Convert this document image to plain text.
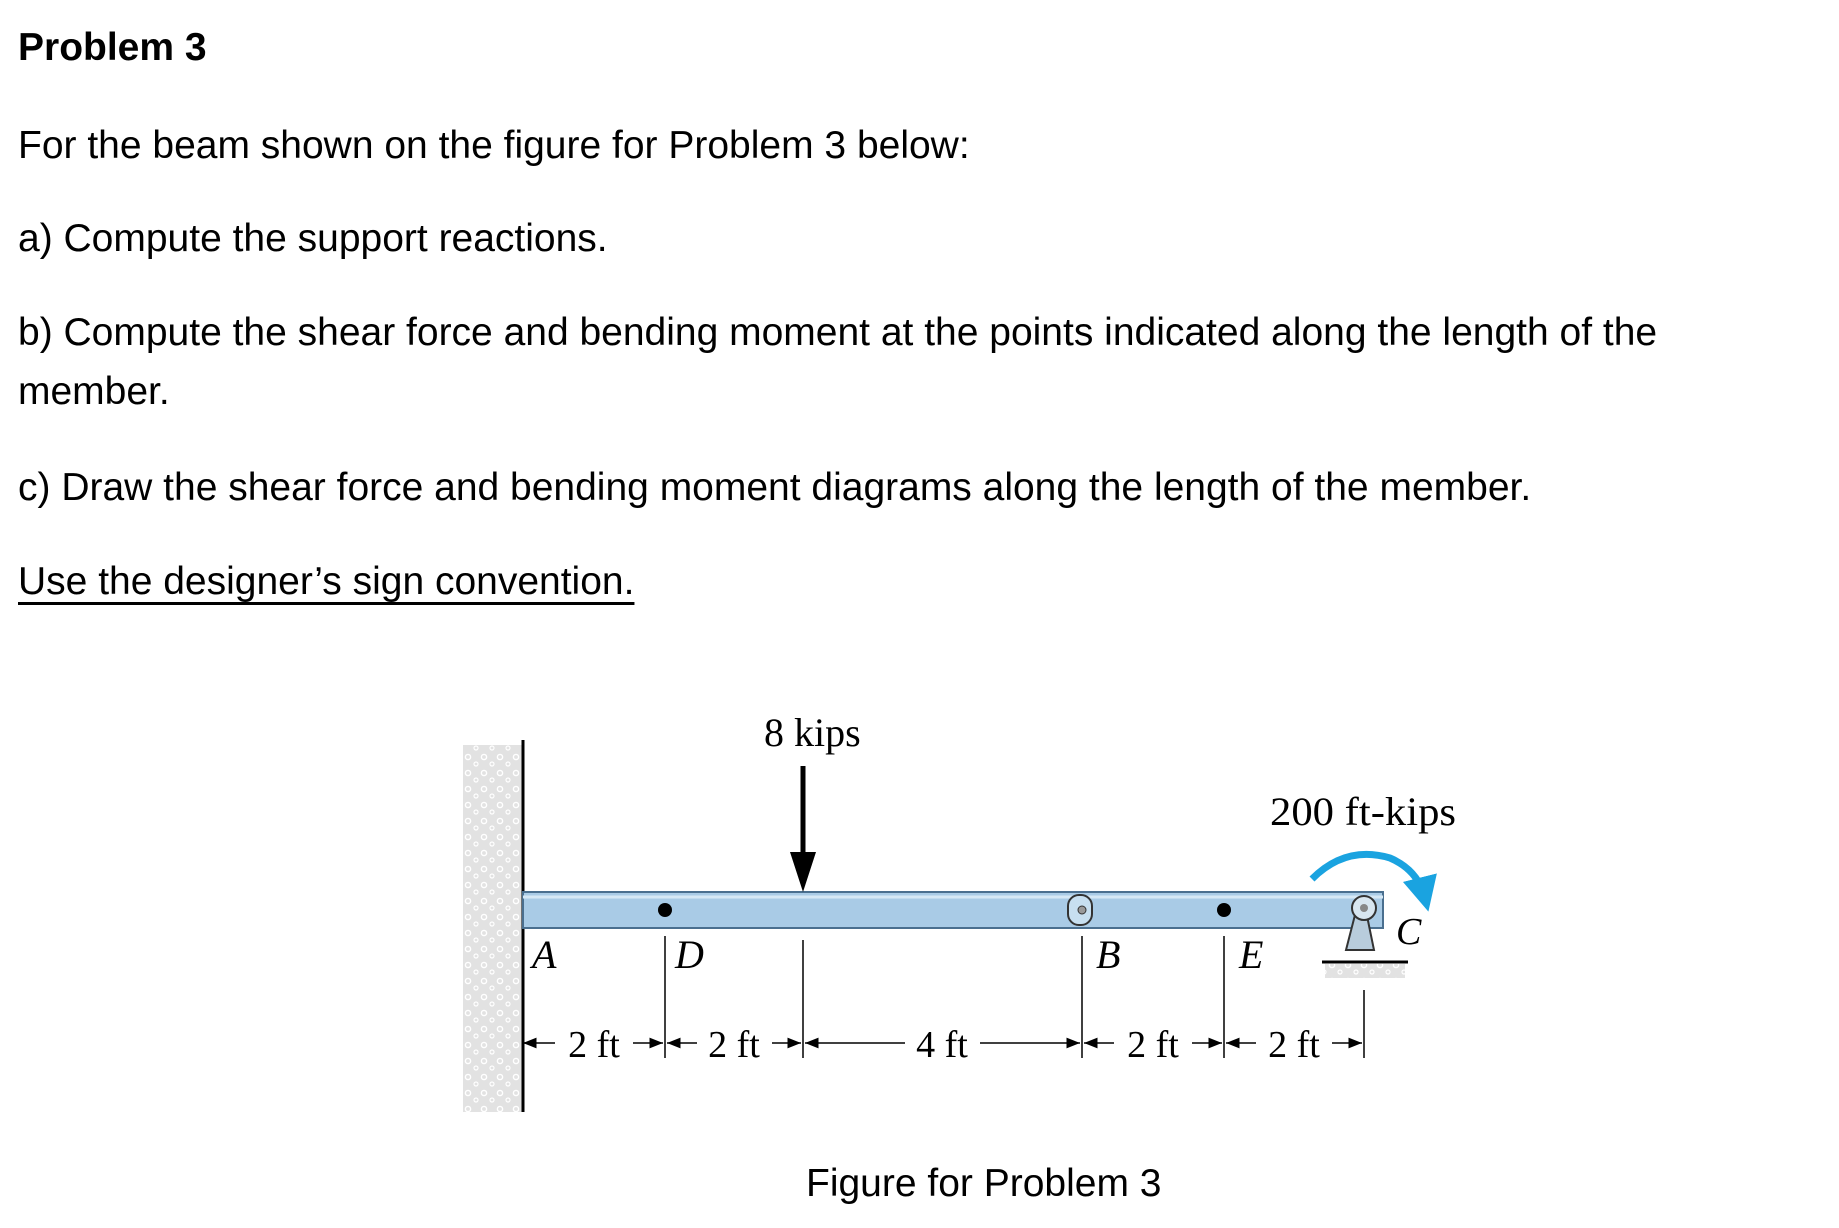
Problem 3
For the beam shown on the figure for Problem 3 below:
a) Compute the support reactions.
b) Compute the shear force and bending moment at the points indicated along the length of the
member.
c) Draw the shear force and bending moment diagrams along the length of the member.
Use the designer’s sign convention.
8 kips
200 ft-kips
A	D	B	E	C
2 ft 2 ft	4 ft	2 ft 2 ft
Figure for Problem 3
